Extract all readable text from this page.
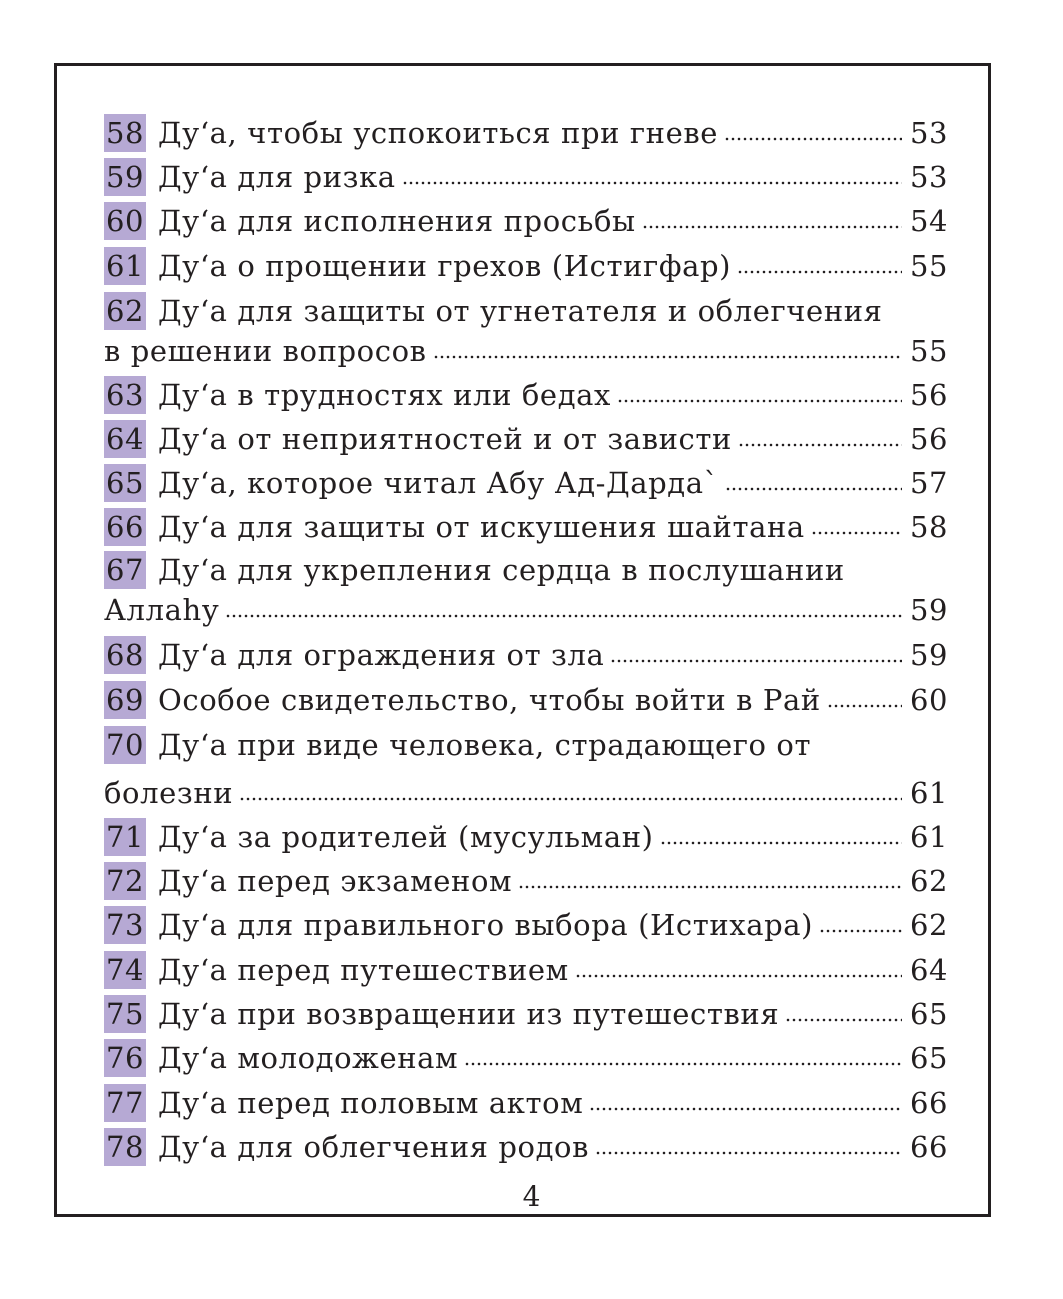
58 Ду‘а, чтобы успокоиться при гневе	53
59 Ду‘а для ризка	53
60 Ду‘а для исполнения просьбы	54
61 Ду‘а о прощении грехов (Истигфар)	55
62 Ду‘а для защиты от угнетателя и облегчения
в решении вопросов	55
63 Ду‘а в трудностях или бедах	56
64 Ду‘а от неприятностей и от зависти	56
65 Ду‘а, которое читал Абу Ад-Дарда`	57
66 Ду‘а для защиты от искушения шайтана	58
67 Ду‘а для укрепления сердца в послушании
Аллаhу	59
68 Ду‘а для ограждения от зла	59
69 Особое свидетельство, чтобы войти в Рай	60
70 Ду‘а при виде человека, страдающего от
болезни	61
71 Ду‘а за родителей (мусульман)	61
72 Ду‘а перед экзаменом	62
73 Ду‘а для правильного выбора (Истихара)	62
74 Ду‘а перед путешествием	64
75 Ду‘а при возвращении из путешествия	65
76 Ду‘а молодоженам	65
77 Ду‘а перед половым актом	66
78 Ду‘а для облегчения родов	66
4
